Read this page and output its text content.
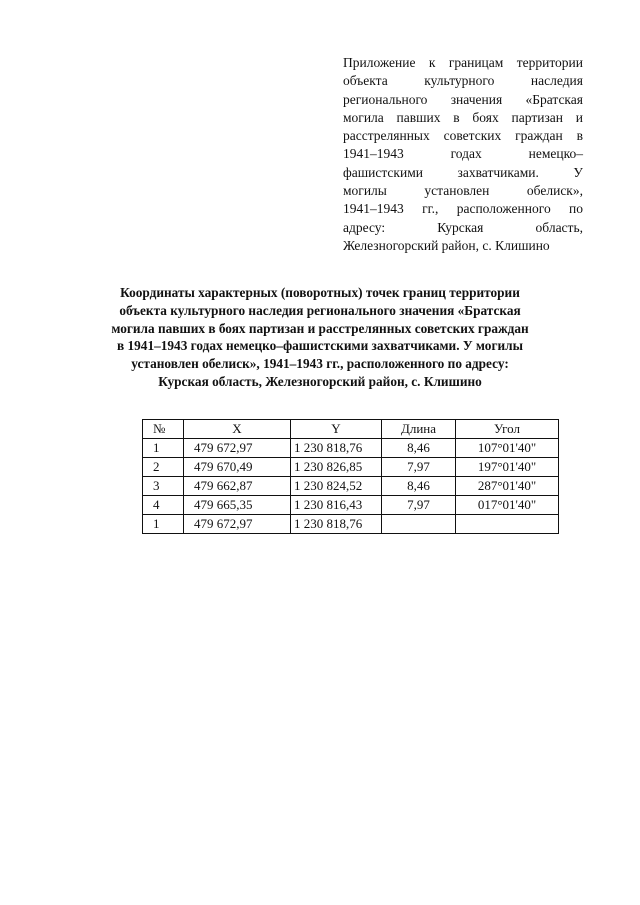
Приложение к границам территории
объекта культурного наследия
регионального значения «Братская
могила павших в боях партизан и
расстрелянных советских граждан в
1941–1943 годах немецко–
фашистскими захватчиками. У
могилы установлен обелиск»,
1941–1943 гг., расположенного по
адресу: Курская область,
Железногорский район, с. Клишино
Координаты характерных (поворотных) точек границ территории
объекта культурного наследия регионального значения «Братская
могила павших в боях партизан и расстрелянных советских граждан
в 1941–1943 годах немецко–фашистскими захватчиками. У могилы
установлен обелиск», 1941–1943 гг., расположенного по адресу:
Курская область, Железногорский район, с. Клишино
№	X	Y	Длина	Угол
1	479 672,97	1 230 818,76	8,46	107°01'40"
2	479 670,49	1 230 826,85	7,97	197°01'40"
3	479 662,87	1 230 824,52	8,46	287°01'40"
4	479 665,35	1 230 816,43	7,97	017°01'40"
1	479 672,97	1 230 818,76		
